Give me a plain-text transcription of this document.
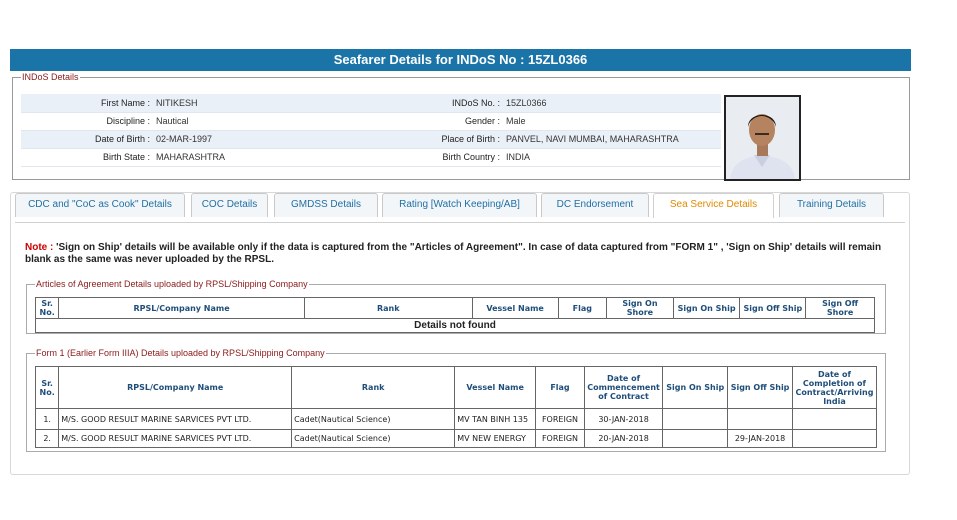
Seafarer Details for INDoS No : 15ZL0366
INDoS Details
First Name :	NITIKESH	INDoS No. :	15ZL0366
Discipline :	Nautical	Gender :	Male
Date of Birth :	02-MAR-1997	Place of Birth :	PANVEL, NAVI MUMBAI, MAHARASHTRA
Birth State :	MAHARASHTRA	Birth Country :	INDIA
CDC and "CoC as Cook" Details	COC Details	GMDSS Details	Rating [Watch Keeping/AB]	DC Endorsement	Sea Service Details	Training Details
Note : 'Sign on Ship' details will be available only if the data is captured from the "Articles of Agreement". In case of data captured from "FORM 1" , 'Sign on Ship' details will remain blank as the same was never uploaded by the RPSL.
Articles of Agreement Details uploaded by RPSL/Shipping Company
Sr. No.	RPSL/Company Name	Rank	Vessel Name	Flag	Sign On Shore	Sign On Ship	Sign Off Ship	Sign Off Shore
Details not found
Form 1 (Earlier Form IIIA) Details uploaded by RPSL/Shipping Company
Sr. No.	RPSL/Company Name	Rank	Vessel Name	Flag	Date of Commencement of Contract	Sign On Ship	Sign Off Ship	Date of Completion of Contract/Arriving India
1.	M/S. GOOD RESULT MARINE SARVICES PVT LTD.	Cadet(Nautical Science)	MV TAN BINH 135	FOREIGN	30-JAN-2018			
2.	M/S. GOOD RESULT MARINE SARVICES PVT LTD.	Cadet(Nautical Science)	MV NEW ENERGY	FOREIGN	20-JAN-2018		29-JAN-2018	
